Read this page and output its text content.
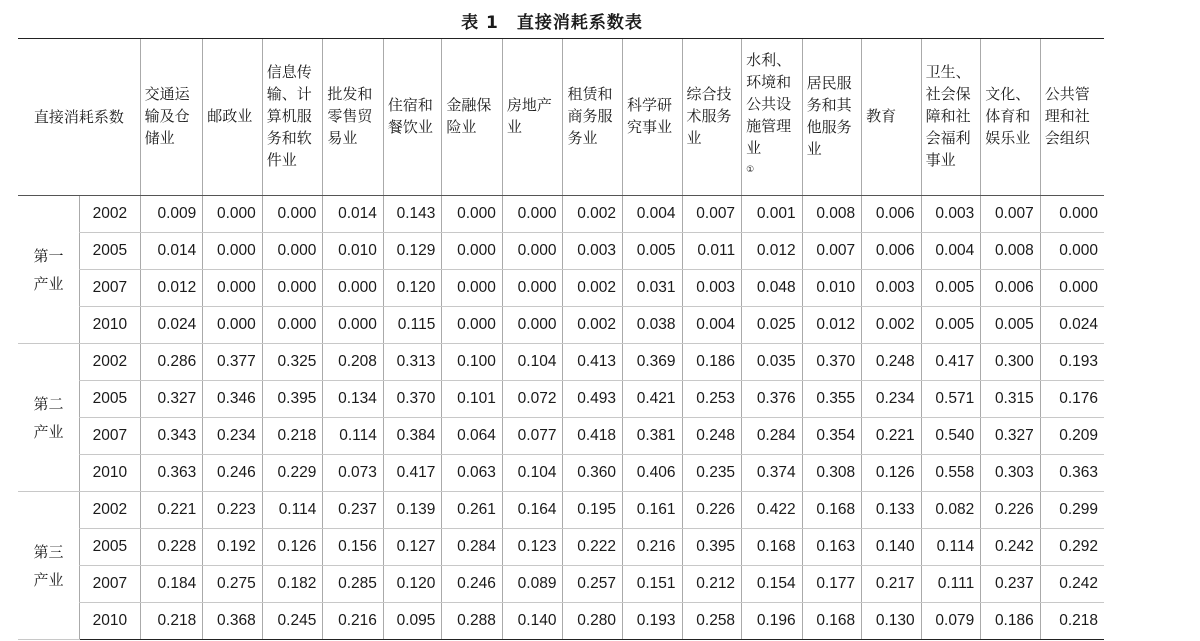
表 1 直接消耗系数表
直接消耗系数		交通运输及仓储业	邮政业	信息传输、计算机服务和软件业	批发和零售贸易业	住宿和餐饮业	金融保险业	房地产业	租赁和商务服务业	科学研究事业	综合技术服务业	水利、环境和公共设施管理业①	居民服务和其他服务业	教育	卫生、社会保障和社会福利事业	文化、体育和娱乐业	公共管理和社会组织

第一
产业	2002	0.009	0.000	0.000	0.014	0.143	0.000	0.000	0.002	0.004	0.007	0.001	0.008	0.006	0.003	0.007	0.000
	2005	0.014	0.000	0.000	0.010	0.129	0.000	0.000	0.003	0.005	0.011	0.012	0.007	0.006	0.004	0.008	0.000
	2007	0.012	0.000	0.000	0.000	0.120	0.000	0.000	0.002	0.031	0.003	0.048	0.010	0.003	0.005	0.006	0.000
	2010	0.024	0.000	0.000	0.000	0.115	0.000	0.000	0.002	0.038	0.004	0.025	0.012	0.002	0.005	0.005	0.024

第二
产业	2002	0.286	0.377	0.325	0.208	0.313	0.100	0.104	0.413	0.369	0.186	0.035	0.370	0.248	0.417	0.300	0.193
	2005	0.327	0.346	0.395	0.134	0.370	0.101	0.072	0.493	0.421	0.253	0.376	0.355	0.234	0.571	0.315	0.176
	2007	0.343	0.234	0.218	0.114	0.384	0.064	0.077	0.418	0.381	0.248	0.284	0.354	0.221	0.540	0.327	0.209
	2010	0.363	0.246	0.229	0.073	0.417	0.063	0.104	0.360	0.406	0.235	0.374	0.308	0.126	0.558	0.303	0.363

第三
产业	2002	0.221	0.223	0.114	0.237	0.139	0.261	0.164	0.195	0.161	0.226	0.422	0.168	0.133	0.082	0.226	0.299
	2005	0.228	0.192	0.126	0.156	0.127	0.284	0.123	0.222	0.216	0.395	0.168	0.163	0.140	0.114	0.242	0.292
	2007	0.184	0.275	0.182	0.285	0.120	0.246	0.089	0.257	0.151	0.212	0.154	0.177	0.217	0.111	0.237	0.242
	2010	0.218	0.368	0.245	0.216	0.095	0.288	0.140	0.280	0.193	0.258	0.196	0.168	0.130	0.079	0.186	0.218
